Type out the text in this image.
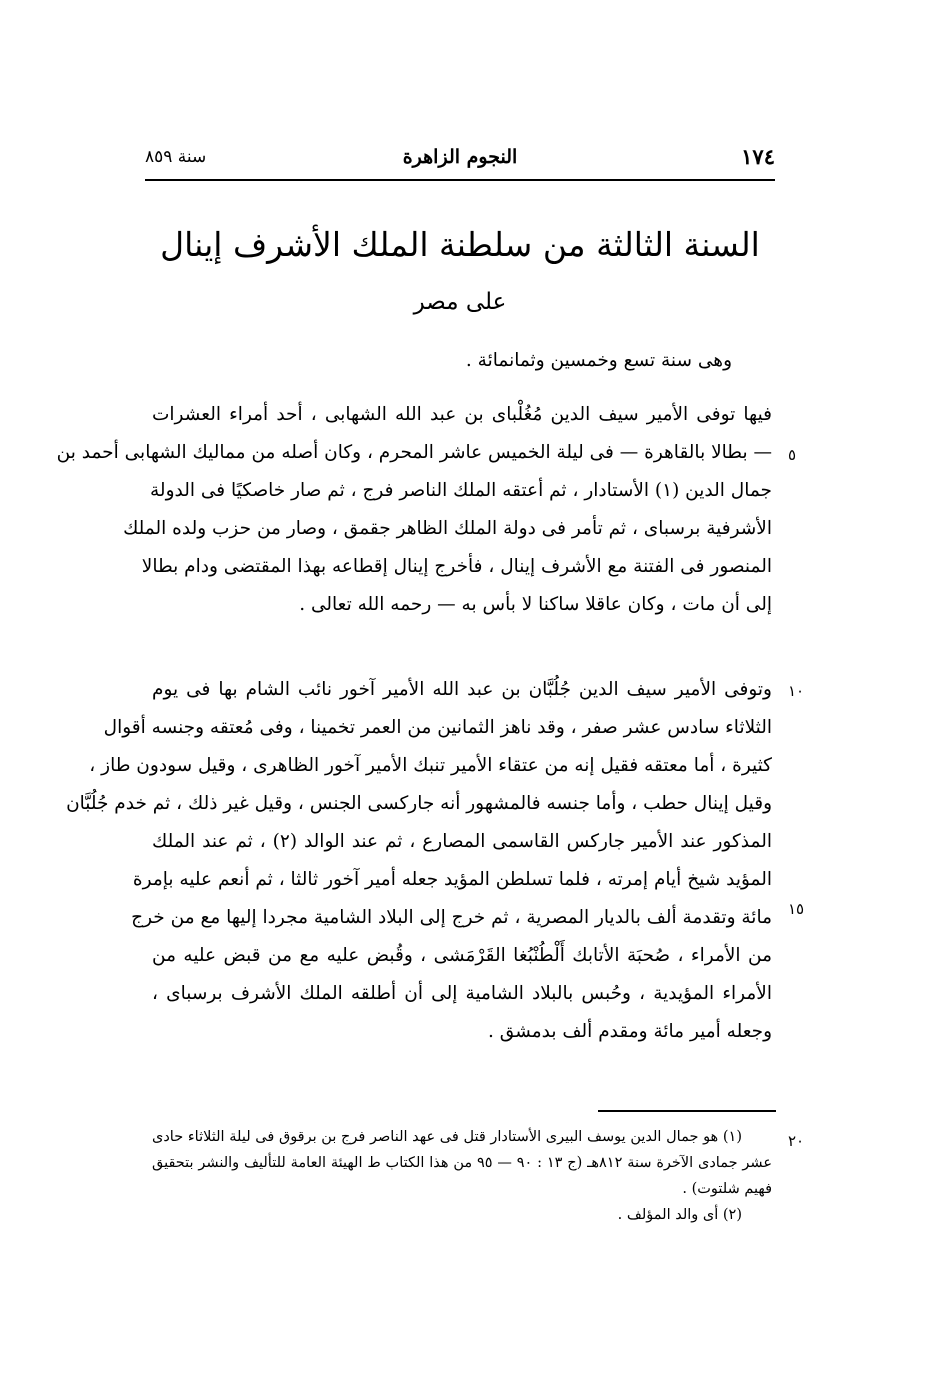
١٧٤
النجوم الزاهرة
سنة ٨٥٩
السنة الثالثة من سلطنة الملك الأشرف إينال
على مصر
وهى سنة تسع وخمسين وثمانمائة .
فيها توفى الأمير سيف الدين مُغُلْباى بن عبد الله الشهابى ، أحد أمراء العشرات
— بطالا بالقاهرة — فى ليلة الخميس عاشر المحرم ، وكان أصله من مماليك الشهابى أحمد بن
جمال الدين (١) الأستادار ، ثم أعتقه الملك الناصر فرج ، ثم صار خاصكيًا فى الدولة
الأشرفية برسباى ، ثم تأمر فى دولة الملك الظاهر جقمق ، وصار من حزب ولده الملك
المنصور فى الفتنة مع الأشرف إينال ، فأخرج إينال إقطاعه بهذا المقتضى ودام بطالا
إلى أن مات ، وكان عاقلا ساكنا لا بأس به — رحمه الله تعالى .
وتوفى الأمير سيف الدين جُلُبَّان بن عبد الله الأمير آخور نائب الشام بها فى يوم
الثلاثاء سادس عشر صفر ، وقد ناهز الثمانين من العمر تخمينا ، وفى مُعتقه وجنسه أقوال
كثيرة ، أما معتقه فقيل إنه من عتقاء الأمير تنبك الأمير آخور الظاهرى ، وقيل سودون طاز ،
وقيل إينال حطب ، وأما جنسه فالمشهور أنه جاركسى الجنس ، وقيل غير ذلك ، ثم خدم جُلُبَّان
المذكور عند الأمير جاركس القاسمى المصارع ، ثم عند الوالد (٢) ، ثم عند الملك
المؤيد شيخ أيام إمرته ، فلما تسلطن المؤيد جعله أمير آخور ثالثا ، ثم أنعم عليه بإمرة
مائة وتقدمة ألف بالديار المصرية ، ثم خرج إلى البلاد الشامية مجردا إليها مع من خرج
من الأمراء ، صُحبَة الأتابك أَلْطُنْبُغا القَرْمَشى ، وقُبض عليه مع من قبض عليه من
الأمراء المؤيدية ، وحُبس بالبلاد الشامية إلى أن أطلقه الملك الأشرف برسباى ،
وجعله أمير مائة ومقدم ألف بدمشق .
٥
١٠
١٥
٢٠
(١) هو جمال الدين يوسف البيرى الأستادار قتل فى عهد الناصر فرج بن برقوق فى ليلة الثلاثاء حادى
عشر جمادى الآخرة سنة ٨١٢هـ (ج ١٣ : ٩٠ — ٩٥ من هذا الكتاب ط الهيئة العامة للتأليف والنشر بتحقيق
فهيم شلتوت) .
(٢) أى والد المؤلف .
